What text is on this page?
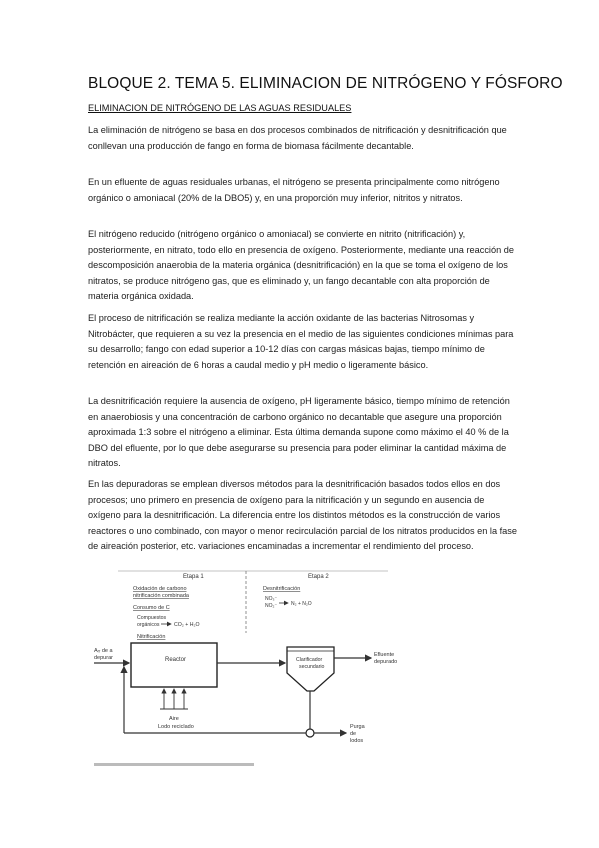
BLOQUE 2. TEMA 5. ELIMINACION DE NITRÓGENO Y FÓSFORO
ELIMINACION DE NITRÓGENO DE LAS AGUAS RESIDUALES

La eliminación de nitrógeno se basa en dos procesos combinados de nitrificación y desnitrificación que conllevan una producción de fango en forma de biomasa fácilmente decantable.

En un efluente de aguas residuales urbanas, el nitrógeno se presenta principalmente como nitrógeno orgánico o amoniacal (20% de la DBO5) y, en una proporción muy inferior, nitritos y nitratos.

El nitrógeno reducido (nitrógeno orgánico o amoniacal) se convierte en nitrito (nitrificación) y, posteriormente, en nitrato, todo ello en presencia de oxígeno. Posteriormente, mediante una reacción de descomposición anaerobia de la materia orgánica (desnitrificación) en la que se toma el oxígeno de los nitratos, se produce nitrógeno gas, que es eliminado y, un fango decantable con alta proporción de materia orgánica oxidada.

El proceso de nitrificación se realiza mediante la acción oxidante de las bacterias Nitrosomas y Nitrobácter, que requieren a su vez la presencia en el medio de las siguientes condiciones mínimas para su desarrollo; fango con edad superior a 10-12 días con cargas másicas bajas, tiempo mínimo de retención en aireación de 6 horas a caudal medio y pH medio o ligeramente básico.

La desnitrificación requiere la ausencia de oxígeno, pH ligeramente básico, tiempo mínimo de retención en anaerobiosis y una concentración de carbono orgánico no decantable que asegure una proporción aproximada 1:3 sobre el nitrógeno a eliminar. Esta última demanda supone como máximo el 40 % de la DBO del efluente, por lo que debe asegurarse su presencia para poder eliminar la cantidad máxima de nitratos.

En las depuradoras se emplean diversos métodos para la desnitrificación basados todos ellos en dos procesos; uno primero en presencia de oxígeno para la nitrificación y un segundo en ausencia de oxígeno para la desnitrificación. La diferencia entre los distintos métodos es la construcción de varios reactores o uno combinado, con mayor o menor recirculación parcial de los nitratos producidos en la fase de aireación posterior, etc. variaciones encaminadas a incrementar el rendimiento del proceso.

Etapa 1	Etapa 2
Oxidación de carbono
nitrificación combinada
Consumo de C
Compuestos
orgánicos	CO₂ + H₂O
Nitrificación
Desnitrificación
NO₃⁻
NO₂⁻	N₂ + N₂O
Aᵣᵣ de a
depurar	Reactor
Aire
Clarificador
secundario
Efluente
depurado
Purga
de
lodos
Lodo reciclado
